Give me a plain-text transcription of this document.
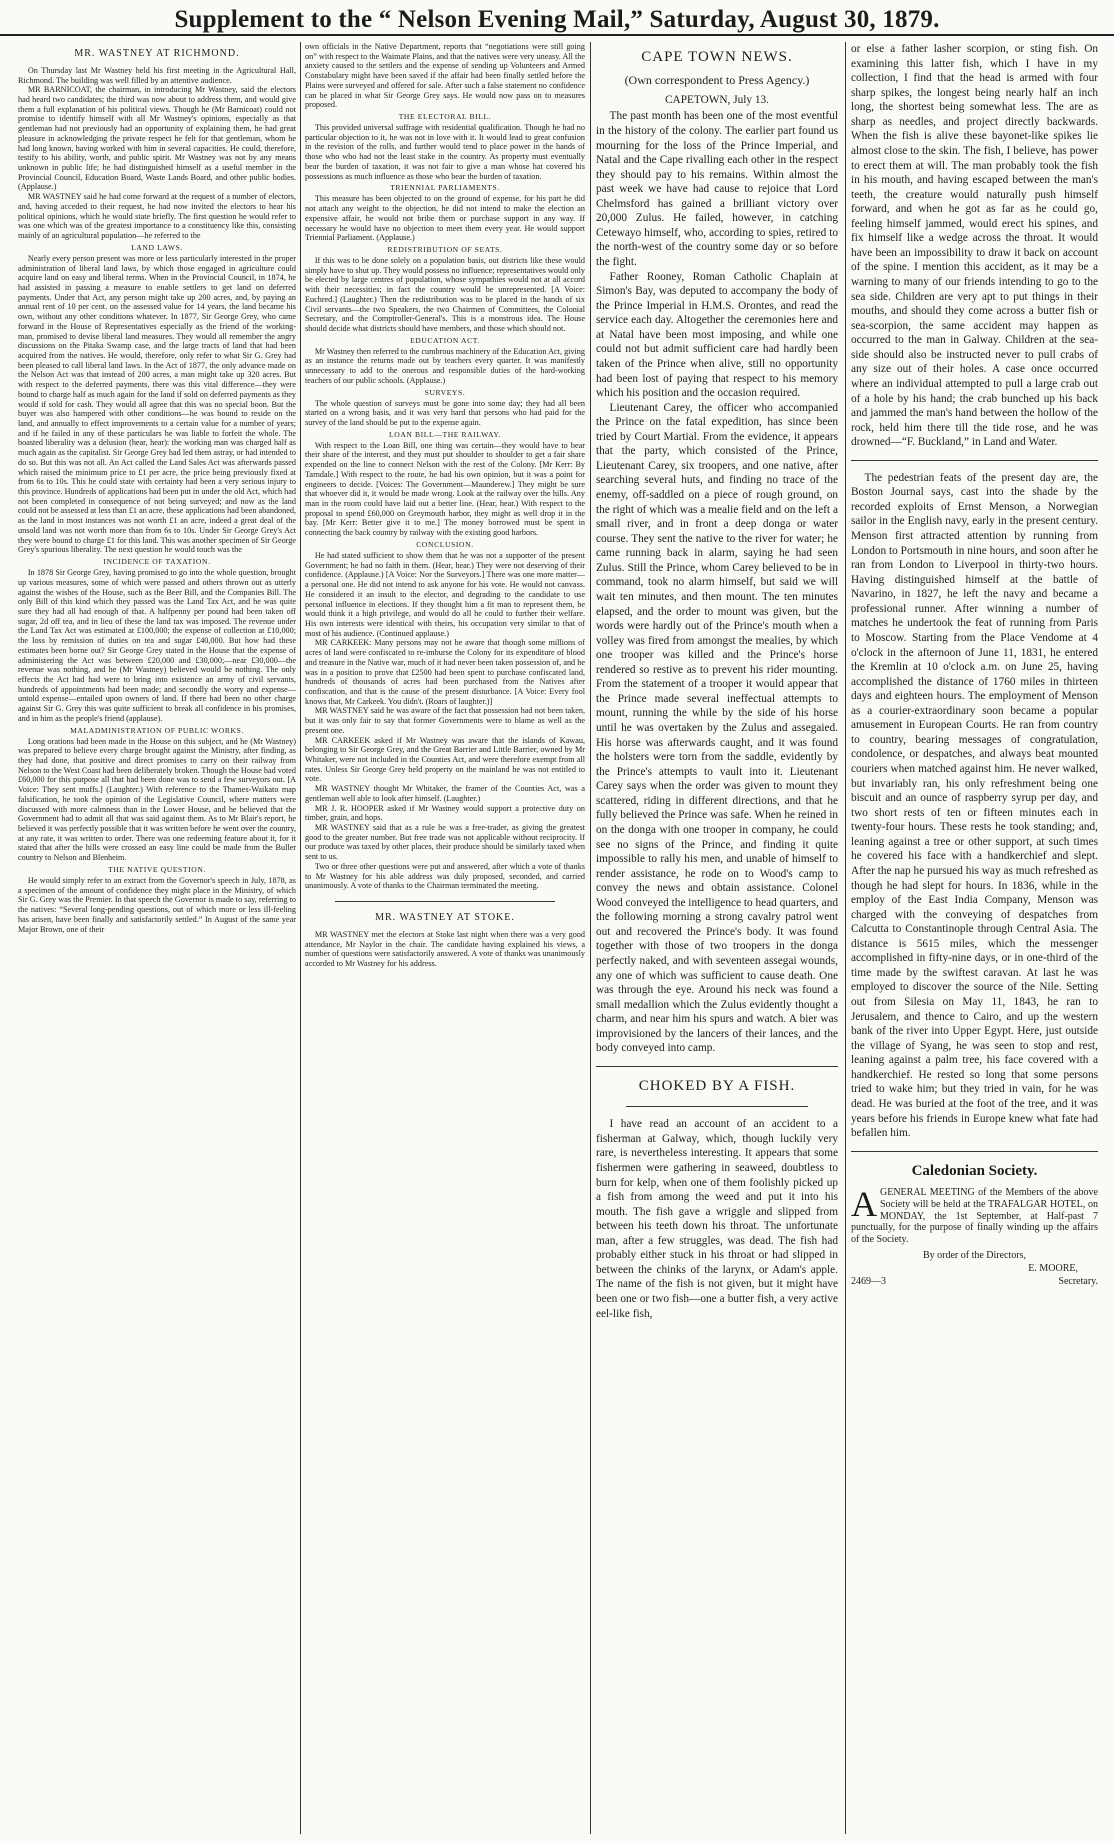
Supplement to the “ Nelson Evening Mail,” Saturday, August 30, 1879.
MR. WASTNEY AT RICHMOND.

On Thursday last Mr Wastney held his first meeting in the Agricultural Hall, Richmond. The building was well filled by an attentive audience.

MR BARNICOAT, the chairman, in introducing Mr Wastney, said the electors had heard two candidates; the third was now about to address them, and would give them a full explanation of his political views. Though he (Mr Barnicoat) could not promise to identify himself with all Mr Wastney's opinions, especially as that gentleman had not previously had an opportunity of explaining them, he had great pleasure in acknowledging the private respect he felt for that gentleman, whom he had long known, having worked with him in several capacities. He could, therefore, testify to his ability, worth, and public spirit. Mr Wastney was not by any means unknown in public life; he had distinguished himself as a useful member in the Provincial Council, Education Board, Waste Lands Board, and other public bodies. (Applause.)

MR WASTNEY said he had come forward at the request of a number of electors, and, having acceded to their request, he had now invited the electors to hear his political opinions, which he would state briefly. The first question he would refer to was one which was of the greatest importance to a constituency like this, consisting mainly of an agricultural population—he referred to the

LAND LAWS.

Nearly every person present was more or less particularly interested in the proper administration of liberal land laws, by which those engaged in agriculture could acquire land on easy and liberal terms. When in the Provincial Council, in 1874, he had assisted in passing a measure to enable settlers to get land on deferred payments. Under that Act, any person might take up 200 acres, and, by paying an annual rent of 10 per cent. on the assessed value for 14 years, the land became his own, without any other conditions whatever. In 1877, Sir George Grey, who came forward in the House of Representatives especially as the friend of the working-man, promised to devise liberal land measures. They would all remember the angry discussions on the Pitaka Swamp case, and the large tracts of land that had been acquired from the natives. He would, therefore, only refer to what Sir G. Grey had been pleased to call liberal land laws. In the Act of 1877, the only advance made on the Nelson Act was that instead of 200 acres, a man might take up 320 acres. But with respect to the deferred payments, there was this vital difference—they were bound to charge half as much again for the land if sold on deferred payments as they would if sold for cash. They would all agree that this was no special boon. But the buyer was also hampered with other conditions—he was bound to reside on the land, and annually to effect improvements to a certain value for a number of years; and if he failed in any of these particulars he was liable to forfeit the whole. The boasted liberality was a delusion (hear, hear): the working man was charged half as much again as the capitalist. Sir George Grey had led them astray, or had intended to do so. But this was not all. An Act called the Land Sales Act was afterwards passed which raised the minimum price to £1 per acre, the price being previously fixed at from 6s to 10s. This he could state with certainty had been a very serious injury to this province. Hundreds of applications had been put in under the old Act, which had not been completed in consequence of not being surveyed; and now as the land could not be assessed at less than £1 an acre, these applications had been abandoned, as the land in most instances was not worth £1 an acre, indeed a great deal of the unsold land was not worth more than from 6s to 10s. Under Sir George Grey's Act they were bound to charge £1 for this land. This was another specimen of Sir George Grey's spurious liberality. The next question he would touch was the

INCIDENCE OF TAXATION.

In 1878 Sir George Grey, having promised to go into the whole question, brought up various measures, some of which were passed and others thrown out as utterly against the wishes of the House, such as the Beer Bill, and the Companies Bill. The only Bill of this kind which they passed was the Land Tax Act, and he was quite sure they had all had enough of that. A halfpenny per pound had been taken off sugar, 2d off tea, and in lieu of these the land tax was imposed. The revenue under the Land Tax Act was estimated at £100,000; the expense of collection at £10,000; the loss by remission of duties on tea and sugar £40,000. But how had these estimates been borne out? Sir George Grey stated in the House that the expense of administering the Act was between £20,000 and £30,000;—near £30,000—the revenue was nothing, and he (Mr Wastney) believed would be nothing. The only effects the Act had had were to bring into existence an army of civil servants, hundreds of appointments had been made; and secondly the worry and expense—untold expense—entailed upon owners of land. If there had been no other charge against Sir G. Grey this was quite sufficient to break all confidence in his promises, and in him as the people's friend (applause).

MALADMINISTRATION OF PUBLIC WORKS.

Long orations had been made in the House on this subject, and he (Mr Wastney) was prepared to believe every charge brought against the Ministry, after finding, as they had done, that positive and direct promises to carry on their railway from Nelson to the West Coast had been deliberately broken. Though the House had voted £60,000 for this purpose all that had been done was to send a few surveyors out. [A Voice: They sent muffs.] (Laughter.) With reference to the Thames-Waikato map falsification, he took the opinion of the Legislative Council, where matters were discussed with more calmness than in the Lower House, and he believed that the Government had to admit all that was said against them. As to Mr Blair's report, he believed it was perfectly possible that it was written before he went over the country, at any rate, it was written to order. There was one redeeming feature about it, for it stated that after the hills were crossed an easy line could be made from the Buller country to Nelson and Blenheim.

THE NATIVE QUESTION.

He would simply refer to an extract from the Governor's speech in July, 1878, as a specimen of the amount of confidence they might place in the Ministry, of which Sir G. Grey was the Premier. In that speech the Governor is made to say, referring to the natives: “Several long-pending questions, out of which more or less ill-feeling has arisen, have been finally and satisfactorily settled.” In August of the same year Major Brown, one of their

own officials in the Native Department, reports that “negotiations were still going on” with respect to the Waimate Plains, and that the natives were very uneasy. All the anxiety caused to the settlers and the expense of sending up Volunteers and Armed Constabulary might have been saved if the affair had been finally settled before the Plains were surveyed and offered for sale. After such a false statement no confidence can be placed in what Sir George Grey says. He would now pass on to measures proposed.

THE ELECTORAL BILL.

This provided universal suffrage with residential qualification. Though he had no particular objection to it, he was not in love with it. It would lead to great confusion in the revision of the rolls, and further would tend to place power in the hands of those who who had not the least stake in the country. As property must eventually bear the burden of taxation, it was not fair to give a man whose hat covered his possessions as much influence as those who bear the burden of taxation.

TRIENNIAL PARLIAMENTS.

This measure has been objected to on the ground of expense, for his part he did not attach any weight to the objection, he did not intend to make the election an expensive affair, he would not bribe them or purchase support in any way. If necessary he would have no objection to meet them every year. He would support Triennial Parliament. (Applause.)

REDISTRIBUTION OF SEATS.

If this was to be done solely on a population basis, out districts like these would simply have to shut up. They would possess no influence; representatives would only be elected by large centres of population, whose sympathies would not at all accord with their necessities; in fact the country would be unrepresented. [A Voice: Euchred.] (Laughter.) Then the redistribution was to be placed in the hands of six Civil servants—the two Speakers, the two Chairmen of Committees, the Colonial Secretary, and the Comptroller-General's. This is a monstrous idea. The House should decide what districts should have members, and those which should not.

EDUCATION ACT.

Mr Wastney then referred to the cumbrous machinery of the Education Act, giving as an instance the returns made out by teachers every quarter. It was manifestly unnecessary to add to the onerous and responsible duties of the hard-working teachers of our public schools. (Applause.)

SURVEYS.

The whole question of surveys must be gone into some day; they had all been started on a wrong basis, and it was very hard that persons who had paid for the survey of the land should be put to the expense again.

LOAN BILL—THE RAILWAY.

With respect to the Loan Bill, one thing was certain—they would have to bear their share of the interest, and they must put shoulder to shoulder to get a fair share expended on the line to connect Nelson with the rest of the Colony. [Mr Kerr: By Tarndale.] With respect to the route, he had his own opinion, but it was a point for engineers to decide. [Voices: The Government—Maunderew.] They might be sure that whoever did it, it would be made wrong. Look at the railway over the hills. Any man in the room could have laid out a better line. (Hear, hear.) With respect to the proposal to spend £60,000 on Greymouth harbor, they might as well drop it in the bay. [Mr Kerr: Better give it to me.] The money borrowed must be spent in connecting the back country by railway with the existing good harbors.

CONCLUSION.

He had stated sufficient to show them that he was not a supporter of the present Government; he had no faith in them. (Hear, hear.) They were not deserving of their confidence. (Applause.) [A Voice: Nor the Surveyors.] There was one more matter—a personal one. He did not intend to ask anyone for his vote. He would not canvass. He considered it an insult to the elector, and degrading to the candidate to use personal influence in elections. If they thought him a fit man to represent them, he would think it a high privilege, and would do all he could to further their welfare. His own interests were identical with theirs, his occupation very similar to that of most of his audience. (Continued applause.)

MR CARKEEK: Many persons may not be aware that though some millions of acres of land were confiscated to re-imburse the Colony for its expenditure of blood and treasure in the Native war, much of it had never been taken possession of, and he was in a position to prove that £2500 had been spent to purchase confiscated land, hundreds of thousands of acres had been purchased from the Natives after confiscation, and that is the cause of the present disturbance. [A Voice: Every fool knows that, Mr Carkeek. You didn't. (Roars of laughter.)]

MR WASTNEY said he was aware of the fact that possession had not been taken, but it was only fair to say that former Governments were to blame as well as the present one.

MR CARKEEK asked if Mr Wastney was aware that the islands of Kawau, belonging to Sir George Grey, and the Great Barrier and Little Barrier, owned by Mr Whitaker, were not included in the Counties Act, and were therefore exempt from all rates. Unless Sir George Grey held property on the mainland he was not entitled to vote.

MR WASTNEY thought Mr Whitaker, the framer of the Counties Act, was a gentleman well able to look after himself. (Laughter.)

MR J. R. HOOPER asked if Mr Wastney would support a protective duty on timber, grain, and hops.

MR WASTNEY said that as a rule he was a free-trader, as giving the greatest good to the greater number. But free trade was not applicable without reciprocity. If our produce was taxed by other places, their produce should be similarly taxed when sent to us.

Two or three other questions were put and answered, after which a vote of thanks to Mr Wastney for his able address was duly proposed, seconded, and carried unanimously. A vote of thanks to the Chairman terminated the meeting.

MR. WASTNEY AT STOKE.

MR WASTNEY met the electors at Stoke last night when there was a very good attendance, Mr Naylor in the chair. The candidate having explained his views, a number of questions were satisfactorily answered. A vote of thanks was unanimously accorded to Mr Wastney for his address.

CAPE TOWN NEWS.
(Own correspondent to Press Agency.)
CAPETOWN, July 13.

The past month has been one of the most eventful in the history of the colony. The earlier part found us mourning for the loss of the Prince Imperial, and Natal and the Cape rivalling each other in the respect they should pay to his remains. Within almost the past week we have had cause to rejoice that Lord Chelmsford has gained a brilliant victory over 20,000 Zulus. He failed, however, in catching Cetewayo himself, who, according to spies, retired to the north-west of the country some day or so before the fight.

Father Rooney, Roman Catholic Chaplain at Simon's Bay, was deputed to accompany the body of the Prince Imperial in H.M.S. Orontes, and read the service each day. Altogether the ceremonies here and at Natal have been most imposing, and while one could not but admit sufficient care had hardly been taken of the Prince when alive, still no opportunity had been lost of paying that respect to his memory which his position and the occasion required.

Lieutenant Carey, the officer who accompanied the Prince on the fatal expedition, has since been tried by Court Martial. From the evidence, it appears that the party, which consisted of the Prince, Lieutenant Carey, six troopers, and one native, after searching several huts, and finding no trace of the enemy, off-saddled on a piece of rough ground, on the right of which was a mealie field and on the left a small river, and in front a deep donga or water course. They sent the native to the river for water; he came running back in alarm, saying he had seen Zulus. Still the Prince, whom Carey believed to be in command, took no alarm himself, but said we will wait ten minutes, and then mount. The ten minutes elapsed, and the order to mount was given, but the words were hardly out of the Prince's mouth when a volley was fired from amongst the mealies, by which one trooper was killed and the Prince's horse rendered so restive as to prevent his rider mounting. From the statement of a trooper it would appear that the Prince made several ineffectual attempts to mount, running the while by the side of his horse until he was overtaken by the Zulus and assegaied. His horse was afterwards caught, and it was found the holsters were torn from the saddle, evidently by the Prince's attempts to vault into it. Lieutenant Carey says when the order was given to mount they scattered, riding in different directions, and that he fully believed the Prince was safe. When he reined in on the donga with one trooper in company, he could see no signs of the Prince, and finding it quite impossible to rally his men, and unable of himself to render assistance, he rode on to Wood's camp to convey the news and obtain assistance. Colonel Wood conveyed the intelligence to head quarters, and the following morning a strong cavalry patrol went out and recovered the Prince's body. It was found together with those of two troopers in the donga perfectly naked, and with seventeen assegai wounds, any one of which was sufficient to cause death. One was through the eye. Around his neck was found a small medallion which the Zulus evidently thought a charm, and near him his spurs and watch. A bier was improvisioned by the lancers of their lances, and the body conveyed into camp.

CHOKED BY A FISH.

I have read an account of an accident to a fisherman at Galway, which, though luckily very rare, is nevertheless interesting. It appears that some fishermen were gathering in seaweed, doubtless to burn for kelp, when one of them foolishly picked up a fish from among the weed and put it into his mouth. The fish gave a wriggle and slipped from between his teeth down his throat. The unfortunate man, after a few struggles, was dead. The fish had probably either stuck in his throat or had slipped in between the chinks of the larynx, or Adam's apple. The name of the fish is not given, but it might have been one or two fish—one a butter fish, a very active eel-like fish,

or else a father lasher scorpion, or sting fish. On examining this latter fish, which I have in my collection, I find that the head is armed with four sharp spikes, the longest being nearly half an inch long, the shortest being somewhat less. The are as sharp as needles, and project directly backwards. When the fish is alive these bayonet-like spikes lie almost close to the skin. The fish, I believe, has power to erect them at will. The man probably took the fish in his mouth, and having escaped between the man's teeth, the creature would naturally push himself forward, and when he got as far as he could go, feeling himself jammed, would erect his spines, and fix himself like a wedge across the throat. It would have been an impossibility to draw it back on account of the spine. I mention this accident, as it may be a warning to many of our friends intending to go to the sea side. Children are very apt to put things in their mouths, and should they come across a butter fish or sea-scorpion, the same accident may happen as occurred to the man in Galway. Children at the sea-side should also be instructed never to pull crabs of any size out of their holes. A case once occurred where an individual attempted to pull a large crab out of a hole by his hand; the crab bunched up his back and jammed the man's hand between the hollow of the rock, held him there till the tide rose, and he was drowned—“F. Buckland,” in Land and Water.

The pedestrian feats of the present day are, the Boston Journal says, cast into the shade by the recorded exploits of Ernst Menson, a Norwegian sailor in the English navy, early in the present century. Menson first attracted attention by running from London to Portsmouth in nine hours, and soon after he ran from London to Liverpool in thirty-two hours. Having distinguished himself at the battle of Navarino, in 1827, he left the navy and became a professional runner. After winning a number of matches he undertook the feat of running from Paris to Moscow. Starting from the Place Vendome at 4 o'clock in the afternoon of June 11, 1831, he entered the Kremlin at 10 o'clock a.m. on June 25, having accomplished the distance of 1760 miles in thirteen days and eighteen hours. The employment of Menson as a courier-extraordinary soon became a popular amusement in European Courts. He ran from country to country, bearing messages of congratulation, condolence, or despatches, and always beat mounted couriers when matched against him. He never walked, but invariably ran, his only refreshment being one biscuit and an ounce of raspberry syrup per day, and two short rests of ten or fifteen minutes each in twenty-four hours. These rests he took standing; and, leaning against a tree or other support, at such times he covered his face with a handkerchief and slept. After the nap he pursued his way as much refreshed as though he had slept for hours. In 1836, while in the employ of the East India Company, Menson was charged with the conveying of despatches from Calcutta to Constantinople through Central Asia. The distance is 5615 miles, which the messenger accomplished in fifty-nine days, or in one-third of the time made by the swiftest caravan. At last he was employed to discover the source of the Nile. Setting out from Silesia on May 11, 1843, he ran to Jerusalem, and thence to Cairo, and up the western bank of the river into Upper Egypt. Here, just outside the village of Syang, he was seen to stop and rest, leaning against a palm tree, his face covered with a handkerchief. He rested so long that some persons tried to wake him; but they tried in vain, for he was dead. He was buried at the foot of the tree, and it was years before his friends in Europe knew what fate had befallen him.

Caledonian Society.
A GENERAL MEETING of the Members of the above Society will be held at the TRAFALGAR HOTEL, on MONDAY, the 1st September, at Half-past 7 punctually, for the purpose of finally winding up the affairs of the Society.
By order of the Directors,
E. MOORE,
2469—3	Secretary.
